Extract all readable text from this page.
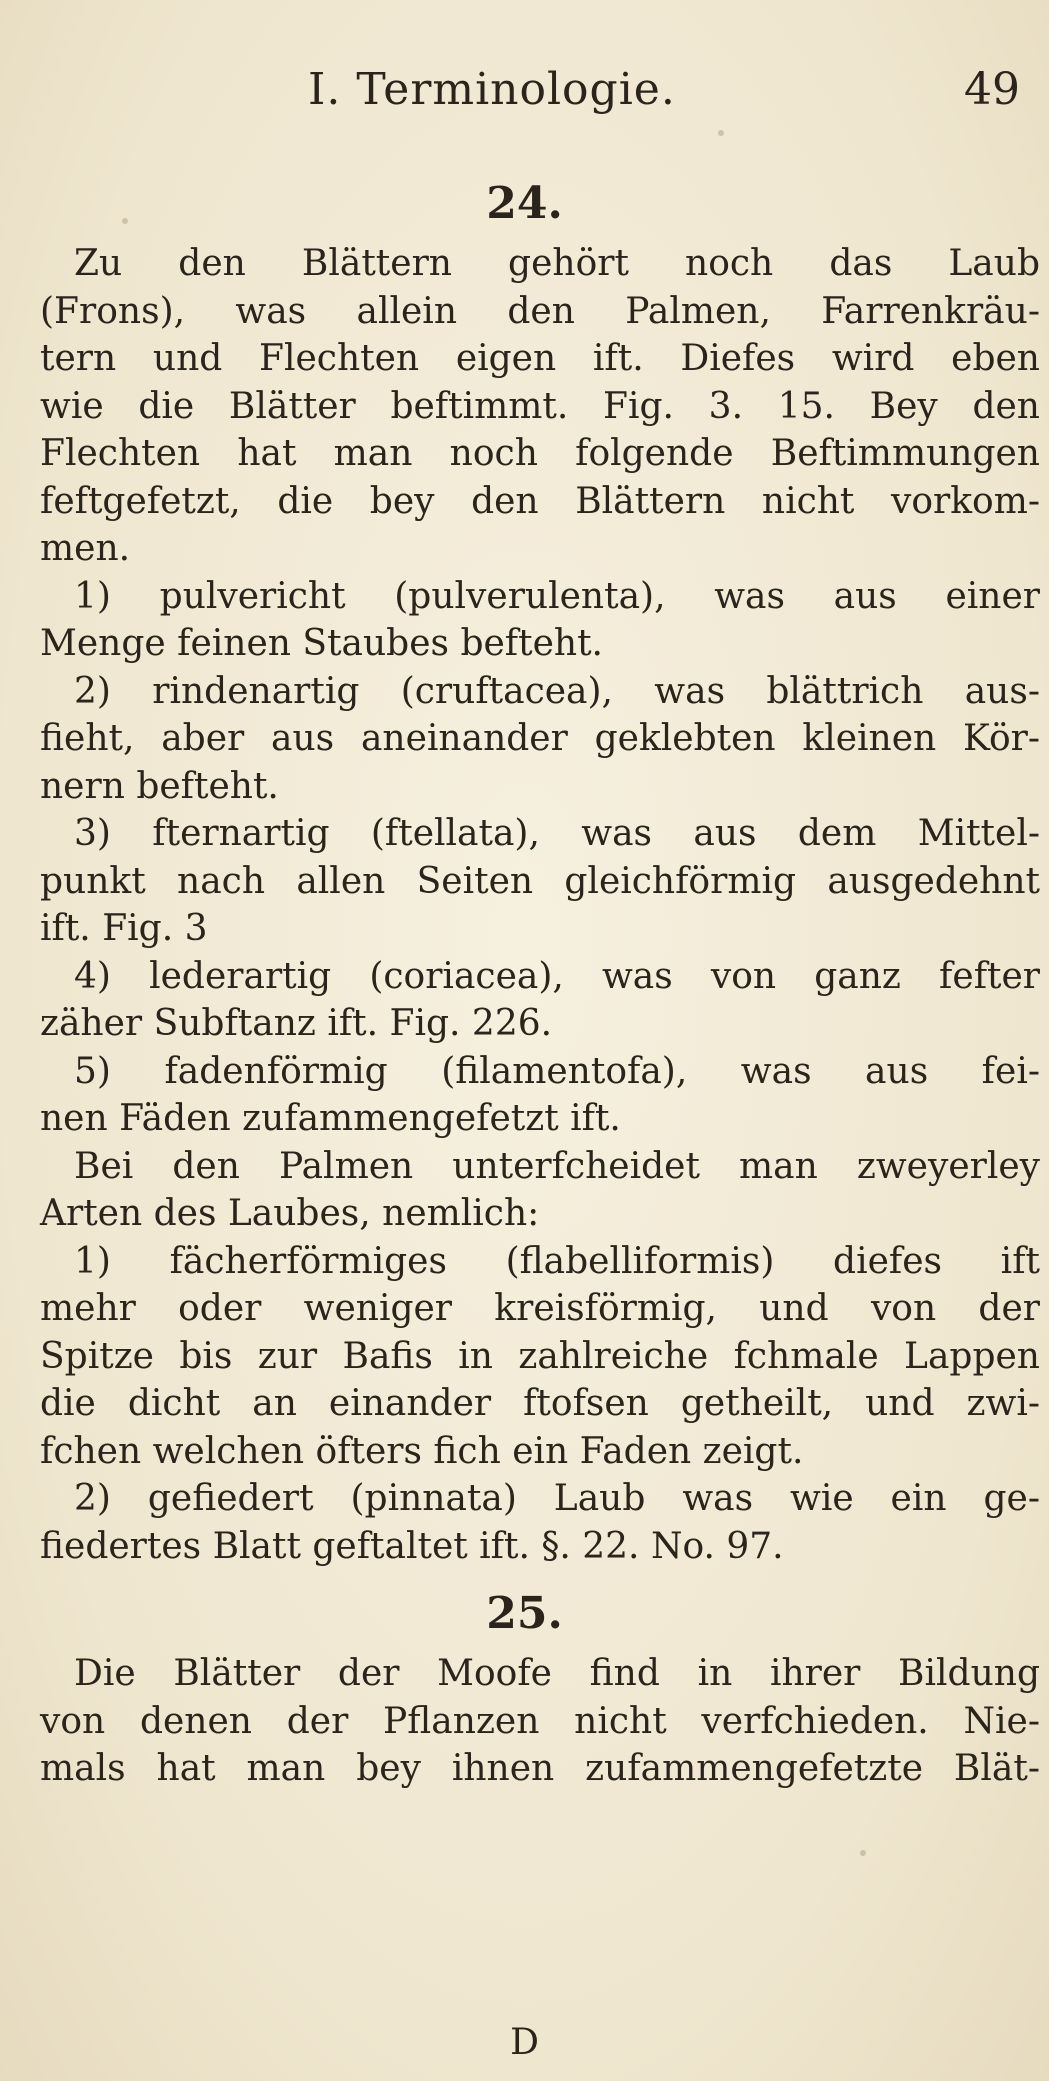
I. Terminologie.	49
24.
Zu den Blättern gehört noch das Laub
(Frons), was allein den Palmen, Farrenkräu-
tern und Flechten eigen ift. Diefes wird eben
wie die Blätter beftimmt. Fig. 3. 15. Bey den
Flechten hat man noch folgende Beftimmungen
feftgefetzt, die bey den Blättern nicht vorkom-
men.
1) pulvericht (pulverulenta), was aus einer
Menge feinen Staubes befteht.
2) rindenartig (cruftacea), was blättrich aus-
fieht, aber aus aneinander geklebten kleinen Kör-
nern befteht.
3) fternartig (ftellata), was aus dem Mittel-
punkt nach allen Seiten gleichförmig ausgedehnt
ift. Fig. 3
4) lederartig (coriacea), was von ganz fefter
zäher Subftanz ift. Fig. 226.
5) fadenförmig (filamentofa), was aus fei-
nen Fäden zufammengefetzt ift.
Bei den Palmen unterfcheidet man zweyerley
Arten des Laubes, nemlich:
1) fächerförmiges (flabelliformis) diefes ift
mehr oder weniger kreisförmig, und von der
Spitze bis zur Bafis in zahlreiche fchmale Lappen
die dicht an einander ftofsen getheilt, und zwi-
fchen welchen öfters fich ein Faden zeigt.
2) gefiedert (pinnata) Laub was wie ein ge-
fiedertes Blatt geftaltet ift. §. 22. No. 97.
25.
Die Blätter der Moofe find in ihrer Bildung
von denen der Pflanzen nicht verfchieden. Nie-
mals hat man bey ihnen zufammengefetzte Blät-
D
